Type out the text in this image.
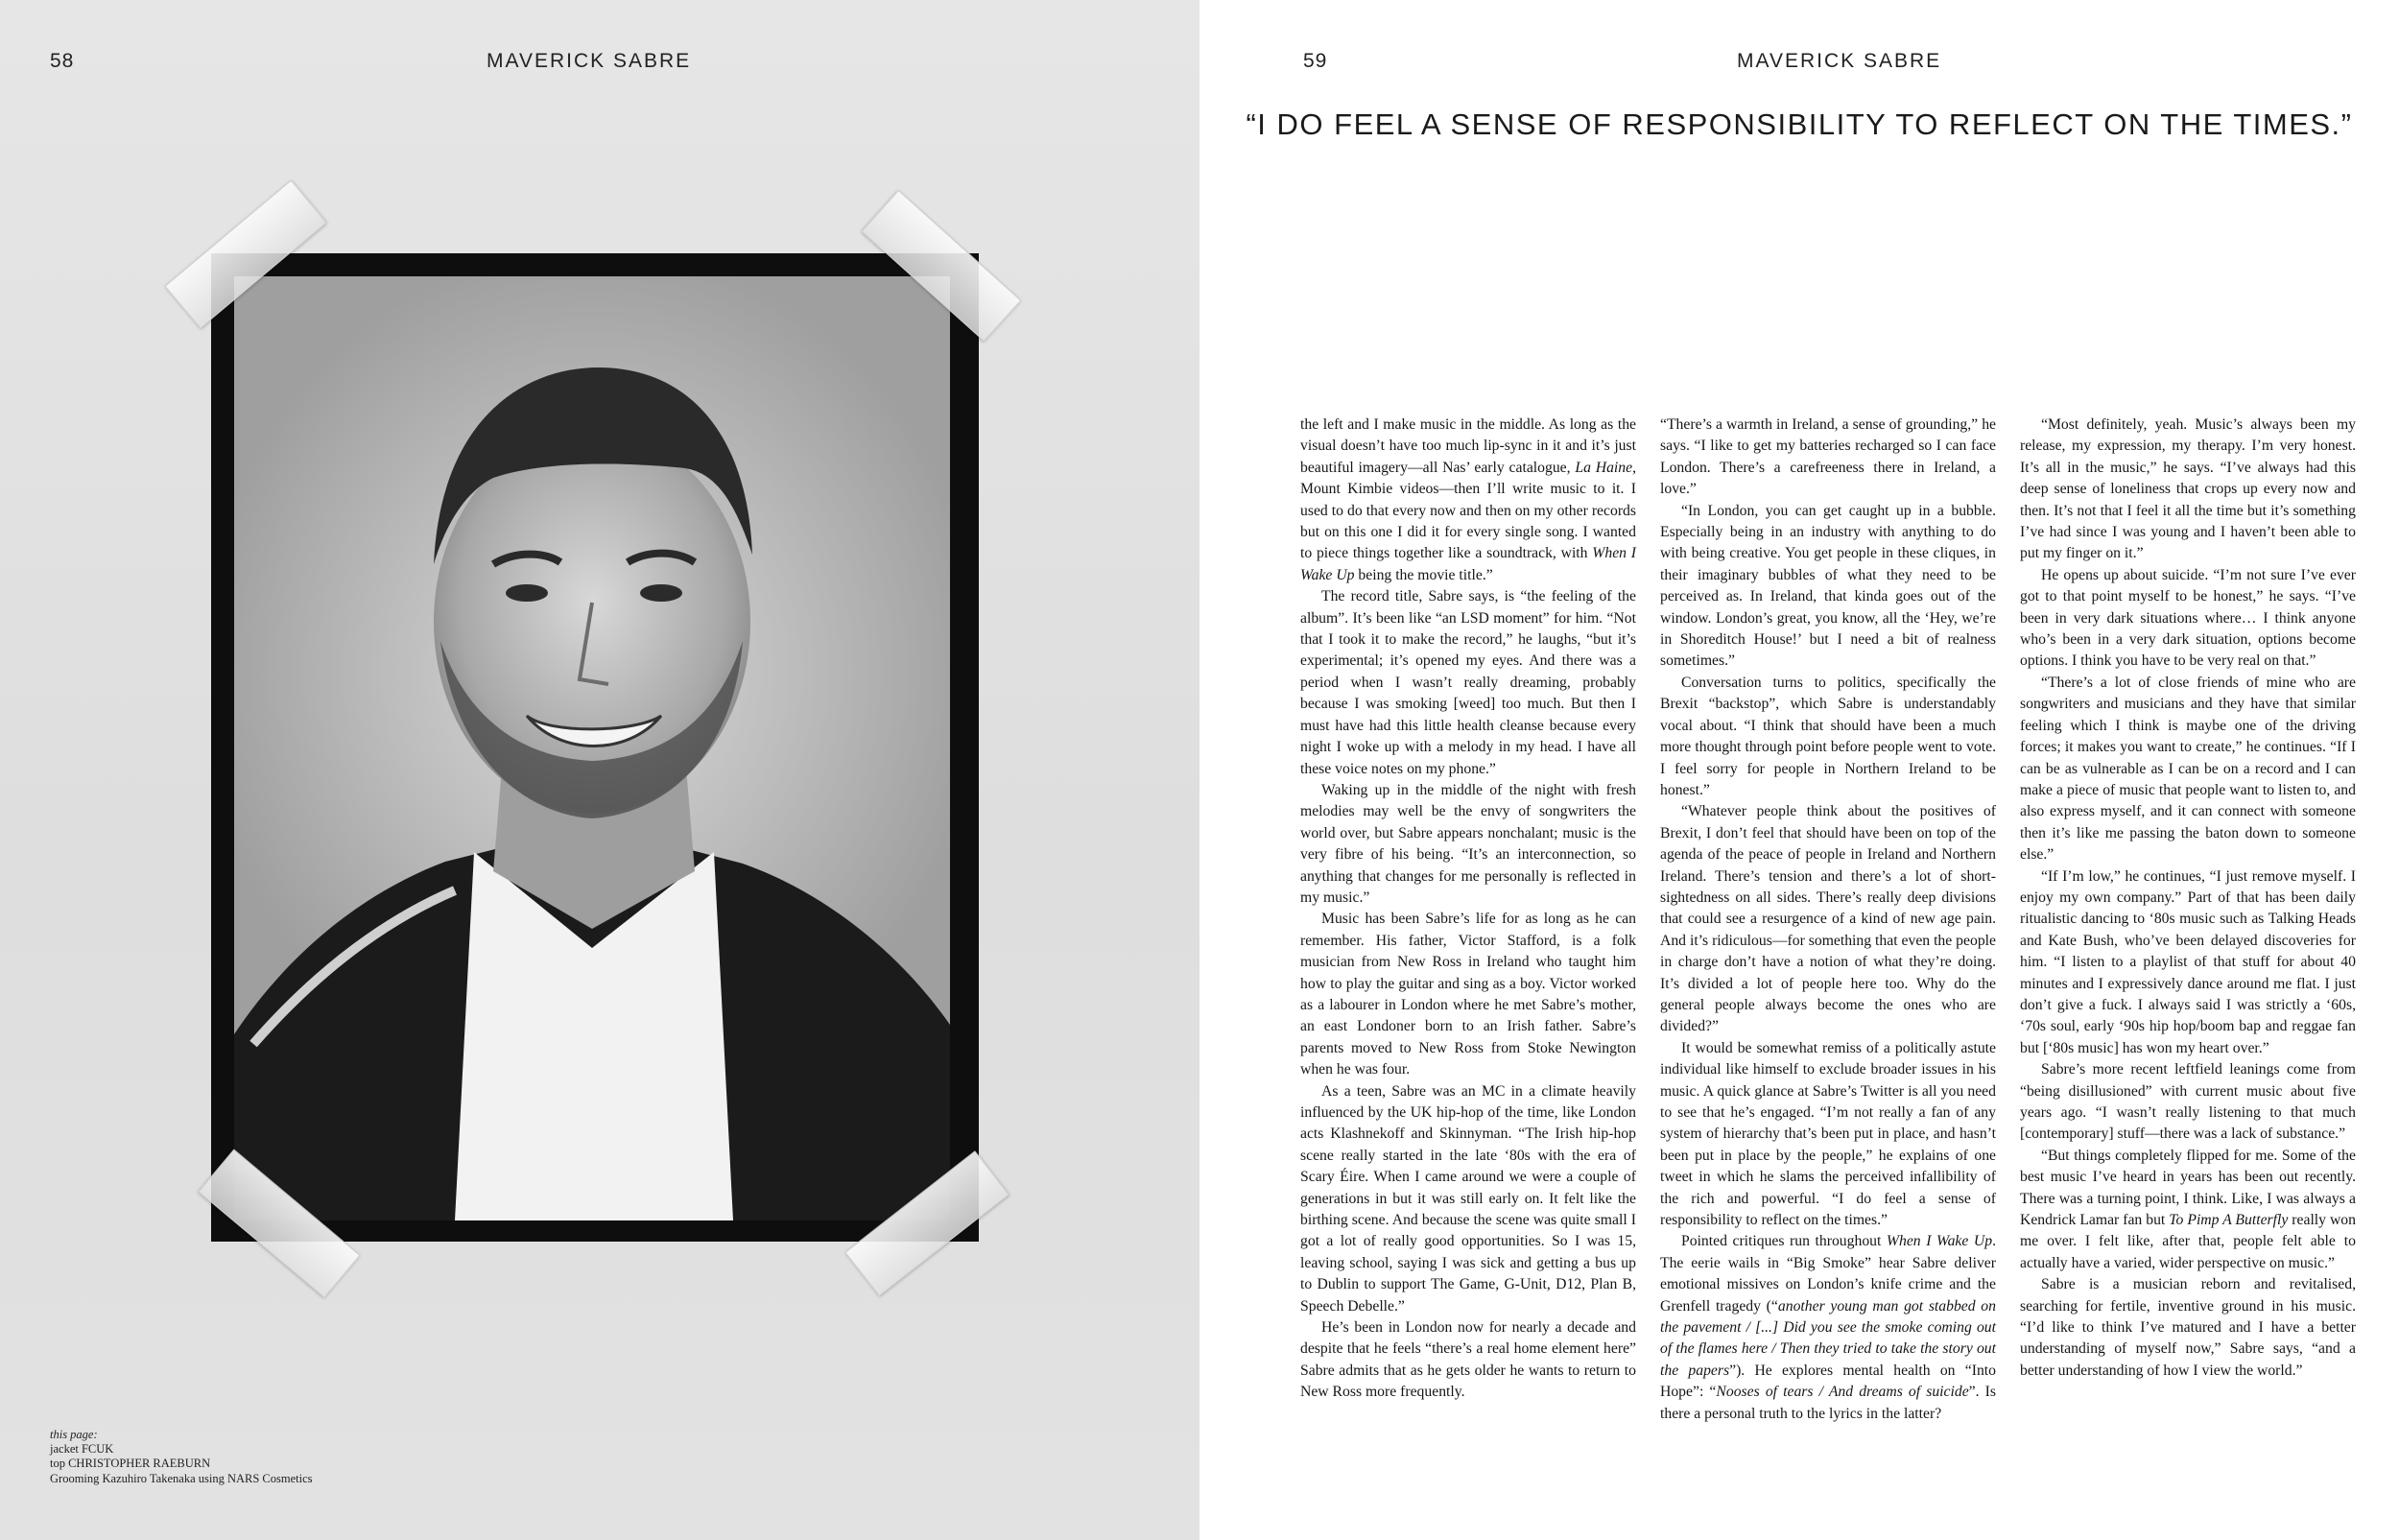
58	MAVERICK SABRE
this page:
jacket FCUK
top CHRISTOPHER RAEBURN
Grooming Kazuhiro Takenaka using NARS Cosmetics
59	MAVERICK SABRE
“I DO FEEL A SENSE OF RESPONSIBILITY TO REFLECT ON THE TIMES.”

the left and I make music in the middle. As long as the visual doesn’t have too much lip-sync in it and it’s just beautiful imagery—all Nas’ early catalogue, La Haine, Mount Kimbie videos—then I’ll write music to it. I used to do that every now and then on my other records but on this one I did it for every single song. I wanted to piece things together like a soundtrack, with When I Wake Up being the movie title.”

The record title, Sabre says, is “the feeling of the album”. It’s been like “an LSD moment” for him. “Not that I took it to make the record,” he laughs, “but it’s experimental; it’s opened my eyes. And there was a period when I wasn’t really dreaming, probably because I was smoking [weed] too much. But then I must have had this little health cleanse because every night I woke up with a melody in my head. I have all these voice notes on my phone.”

Waking up in the middle of the night with fresh melodies may well be the envy of songwriters the world over, but Sabre appears nonchalant; music is the very fibre of his being. “It’s an interconnection, so anything that changes for me personally is reflected in my music.”

Music has been Sabre’s life for as long as he can remember. His father, Victor Stafford, is a folk musician from New Ross in Ireland who taught him how to play the guitar and sing as a boy. Victor worked as a labourer in London where he met Sabre’s mother, an east Londoner born to an Irish father. Sabre’s parents moved to New Ross from Stoke Newington when he was four.

As a teen, Sabre was an MC in a climate heavily influenced by the UK hip-hop of the time, like London acts Klashnekoff and Skinnyman. “The Irish hip-hop scene really started in the late ‘80s with the era of Scary Éire. When I came around we were a couple of generations in but it was still early on. It felt like the birthing scene. And because the scene was quite small I got a lot of really good opportunities. So I was 15, leaving school, saying I was sick and getting a bus up to Dublin to support The Game, G-Unit, D12, Plan B, Speech Debelle.”

He’s been in London now for nearly a decade and despite that he feels “there’s a real home element here” Sabre admits that as he gets older he wants to return to New Ross more frequently.

“There’s a warmth in Ireland, a sense of grounding,” he says. “I like to get my batteries recharged so I can face London. There’s a carefreeness there in Ireland, a love.”

“In London, you can get caught up in a bubble. Especially being in an industry with anything to do with being creative. You get people in these cliques, in their imaginary bubbles of what they need to be perceived as. In Ireland, that kinda goes out of the window. London’s great, you know, all the ‘Hey, we’re in Shoreditch House!’ but I need a bit of realness sometimes.”

Conversation turns to politics, specifically the Brexit “backstop”, which Sabre is understandably vocal about. “I think that should have been a much more thought through point before people went to vote. I feel sorry for people in Northern Ireland to be honest.”

“Whatever people think about the positives of Brexit, I don’t feel that should have been on top of the agenda of the peace of people in Ireland and Northern Ireland. There’s tension and there’s a lot of short-sightedness on all sides. There’s really deep divisions that could see a resurgence of a kind of new age pain. And it’s ridiculous—for something that even the people in charge don’t have a notion of what they’re doing. It’s divided a lot of people here too. Why do the general people always become the ones who are divided?”

It would be somewhat remiss of a politically astute individual like himself to exclude broader issues in his music. A quick glance at Sabre’s Twitter is all you need to see that he’s engaged. “I’m not really a fan of any system of hierarchy that’s been put in place, and hasn’t been put in place by the people,” he explains of one tweet in which he slams the perceived infallibility of the rich and powerful. “I do feel a sense of responsibility to reflect on the times.”

Pointed critiques run throughout When I Wake Up. The eerie wails in “Big Smoke” hear Sabre deliver emotional missives on London’s knife crime and the Grenfell tragedy (“another young man got stabbed on the pavement / [...] Did you see the smoke coming out of the flames here / Then they tried to take the story out the papers”). He explores mental health on “Into Hope”: “Nooses of tears / And dreams of suicide”. Is there a personal truth to the lyrics in the latter?

“Most definitely, yeah. Music’s always been my release, my expression, my therapy. I’m very honest. It’s all in the music,” he says. “I’ve always had this deep sense of loneliness that crops up every now and then. It’s not that I feel it all the time but it’s something I’ve had since I was young and I haven’t been able to put my finger on it.”

He opens up about suicide. “I’m not sure I’ve ever got to that point myself to be honest,” he says. “I’ve been in very dark situations where… I think anyone who’s been in a very dark situation, options become options. I think you have to be very real on that.”

“There’s a lot of close friends of mine who are songwriters and musicians and they have that similar feeling which I think is maybe one of the driving forces; it makes you want to create,” he continues. “If I can be as vulnerable as I can be on a record and I can make a piece of music that people want to listen to, and also express myself, and it can connect with someone then it’s like me passing the baton down to someone else.”

“If I’m low,” he continues, “I just remove myself. I enjoy my own company.” Part of that has been daily ritualistic dancing to ‘80s music such as Talking Heads and Kate Bush, who’ve been delayed discoveries for him. “I listen to a playlist of that stuff for about 40 minutes and I expressively dance around me flat. I just don’t give a fuck. I always said I was strictly a ‘60s, ‘70s soul, early ‘90s hip hop/boom bap and reggae fan but [‘80s music] has won my heart over.”

Sabre’s more recent leftfield leanings come from “being disillusioned” with current music about five years ago. “I wasn’t really listening to that much [contemporary] stuff—there was a lack of substance.”

“But things completely flipped for me. Some of the best music I’ve heard in years has been out recently. There was a turning point, I think. Like, I was always a Kendrick Lamar fan but To Pimp A Butterfly really won me over. I felt like, after that, people felt able to actually have a varied, wider perspective on music.”

Sabre is a musician reborn and revitalised, searching for fertile, inventive ground in his music. “I’d like to think I’ve matured and I have a better understanding of myself now,” Sabre says, “and a better understanding of how I view the world.”
